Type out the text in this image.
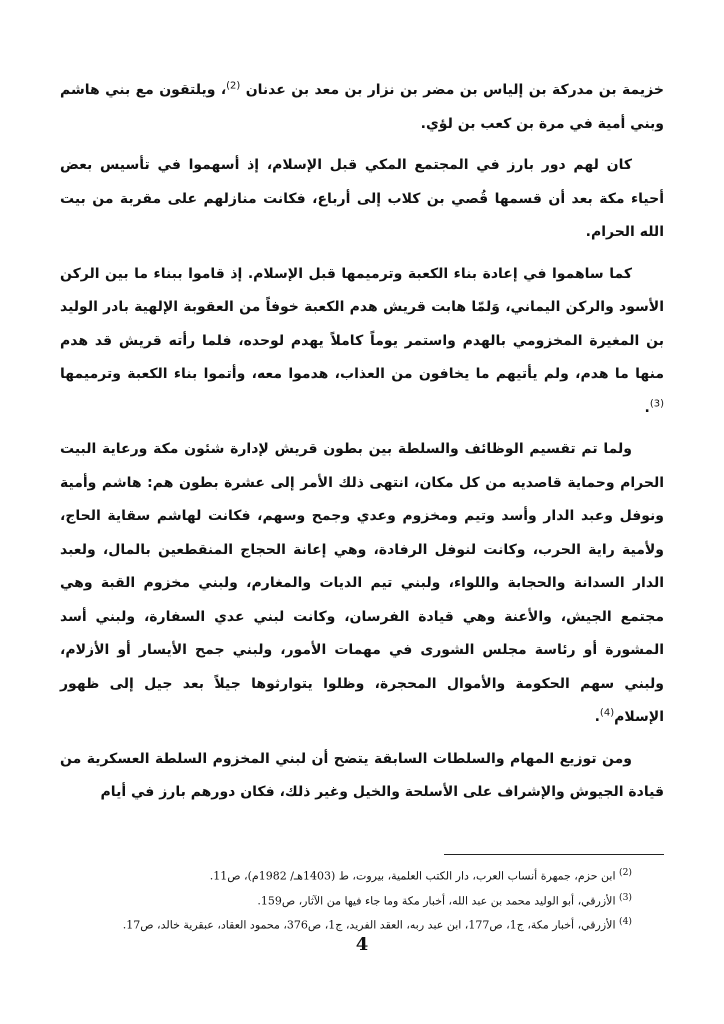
خزيمة بن مدركة بن إلياس بن مضر بن نزار بن معد بن عدنان $^{(2)}$، ويلتقون مع بني هاشم وبني أمية في مرة بن كعب بن لؤي.

كان لهم دور بارز في المجتمع المكي قبل الإسلام، إذ أسهموا في تأسيس بعض أحياء مكة بعد أن قسمها قُصي بن كلاب إلى أرباع، فكانت منازلهم على مقربة من بيت الله الحرام.

كما ساهموا في إعادة بناء الكعبة وترميمها قبل الإسلام. إذ قاموا ببناء ما بين الركن الأسود والركن اليماني، وَلمّا هابت قريش هدم الكعبة خوفاً من العقوبة الإلهية بادر الوليد بن المغيرة المخزومي بالهدم واستمر يوماً كاملاً يهدم لوحده، فلما رأته قريش قد هدم منها ما هدم، ولم يأتيهم ما يخافون من العذاب، هدموا معه، وأتموا بناء الكعبة وترميمها $^{(3)}$.

ولما تم تقسيم الوظائف والسلطة بين بطون قريش لإدارة شئون مكة ورعاية البيت الحرام وحماية قاصديه من كل مكان، انتهى ذلك الأمر إلى عشرة بطون هم: هاشم وأمية ونوفل وعبد الدار وأسد وتيم ومخزوم وعدي وجمح وسهم، فكانت لهاشم سقاية الحاج، ولأمية راية الحرب، وكانت لنوفل الرفادة، وهي إعانة الحجاج المنقطعين بالمال، ولعبد الدار السدانة والحجابة واللواء، ولبني تيم الديات والمغارم، ولبني مخزوم القبة وهي مجتمع الجيش، والأعنة وهي قيادة الفرسان، وكانت لبني عدي السفارة، ولبني أسد المشورة أو رئاسة مجلس الشورى في مهمات الأمور، ولبني جمح الأيسار أو الأزلام، ولبني سهم الحكومة والأموال المحجرة، وظلوا يتوارثوها جيلاً بعد جيل إلى ظهور الإسلام$^{(4)}$.

ومن توزيع المهام والسلطات السابقة يتضح أن لبني المخزوم السلطة العسكرية من قيادة الجيوش والإشراف على الأسلحة والخيل وغير ذلك، فكان دورهم بارز في أيام

$^{(2)}$ ابن حزم، جمهرة أنساب العرب، دار الكتب العلمية، بيروت، ط (1403هـ/ 1982م)، ص11.
$^{(3)}$ الأزرقي، أبو الوليد محمد بن عبد الله، أخبار مكة وما جاء فيها من الآثار، ص159.
$^{(4)}$ الأزرقي، أخبار مكة، ج1، ص177، ابن عبد ربه، العقد الفريد، ج1، ص376، محمود العقاد، عبقرية خالد، ص17.
4
